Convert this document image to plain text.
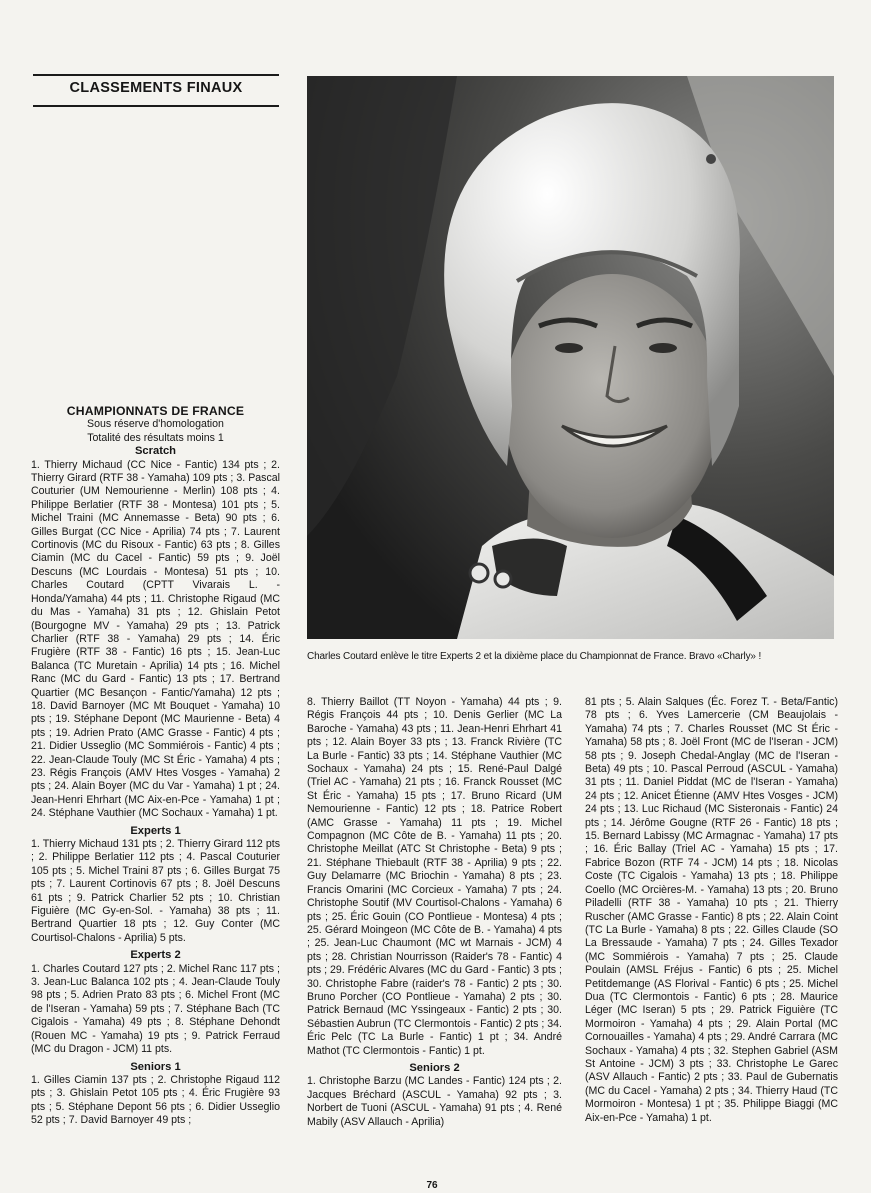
CLASSEMENTS FINAUX
Charles Coutard enlève le titre Experts 2 et la dixième place du Championnat de France. Bravo «Charly» !

CHAMPIONNATS DE FRANCE

Sous réserve d'homologation

Totalité des résultats moins 1

Scratch

1. Thierry Michaud (CC Nice - Fantic) 134 pts ; 2. Thierry Girard (RTF 38 - Yamaha) 109 pts ; 3. Pascal Couturier (UM Nemourienne - Merlin) 108 pts ; 4. Philippe Berlatier (RTF 38 - Montesa) 101 pts ; 5. Michel Traini (MC Annemasse - Beta) 90 pts ; 6. Gilles Burgat (CC Nice - Aprilia) 74 pts ; 7. Laurent Cortinovis (MC du Risoux - Fantic) 63 pts ; 8. Gilles Ciamin (MC du Cacel - Fantic) 59 pts ; 9. Joël Descuns (MC Lourdais - Montesa) 51 pts ; 10. Charles Coutard (CPTT Vivarais L. - Honda/Yamaha) 44 pts ; 11. Christophe Rigaud (MC du Mas - Yamaha) 31 pts ; 12. Ghislain Petot (Bourgogne MV - Yamaha) 29 pts ; 13. Patrick Charlier (RTF 38 - Yamaha) 29 pts ; 14. Éric Frugière (RTF 38 - Fantic) 16 pts ; 15. Jean-Luc Balanca (TC Muretain - Aprilia) 14 pts ; 16. Michel Ranc (MC du Gard - Fantic) 13 pts ; 17. Bertrand Quartier (MC Besançon - Fantic/Yamaha) 12 pts ; 18. David Barnoyer (MC Mt Bouquet - Yamaha) 10 pts ; 19. Stéphane Depont (MC Maurienne - Beta) 4 pts ; 19. Adrien Prato (AMC Grasse - Fantic) 4 pts ; 21. Didier Usseglio (MC Sommiérois - Fantic) 4 pts ; 22. Jean-Claude Touly (MC St Éric - Yamaha) 4 pts ; 23. Régis François (AMV Htes Vosges - Yamaha) 2 pts ; 24. Alain Boyer (MC du Var - Yamaha) 1 pt ; 24. Jean-Henri Ehrhart (MC Aix-en-Pce - Yamaha) 1 pt ; 24. Stéphane Vauthier (MC Sochaux - Yamaha) 1 pt.

Experts 1

1. Thierry Michaud 131 pts ; 2. Thierry Girard 112 pts ; 2. Philippe Berlatier 112 pts ; 4. Pascal Couturier 105 pts ; 5. Michel Traini 87 pts ; 6. Gilles Burgat 75 pts ; 7. Laurent Cortinovis 67 pts ; 8. Joël Descuns 61 pts ; 9. Patrick Charlier 52 pts ; 10. Christian Figuière (MC Gy-en-Sol. - Yamaha) 38 pts ; 11. Bertrand Quartier 18 pts ; 12. Guy Conter (MC Courtisol-Chalons - Aprilia) 5 pts.

Experts 2

1. Charles Coutard 127 pts ; 2. Michel Ranc 117 pts ; 3. Jean-Luc Balanca 102 pts ; 4. Jean-Claude Touly 98 pts ; 5. Adrien Prato 83 pts ; 6. Michel Front (MC de l'Iseran - Yamaha) 59 pts ; 7. Stéphane Bach (TC Cigalois - Yamaha) 49 pts ; 8. Stéphane Dehondt (Rouen MC - Yamaha) 19 pts ; 9. Patrick Ferraud (MC du Dragon - JCM) 11 pts.

Seniors 1

1. Gilles Ciamin 137 pts ; 2. Christophe Rigaud 112 pts ; 3. Ghislain Petot 105 pts ; 4. Éric Frugière 93 pts ; 5. Stéphane Depont 56 pts ; 6. Didier Usseglio 52 pts ; 7. David Barnoyer 49 pts ;

8. Thierry Baillot (TT Noyon - Yamaha) 44 pts ; 9. Régis François 44 pts ; 10. Denis Gerlier (MC La Baroche - Yamaha) 43 pts ; 11. Jean-Henri Ehrhart 41 pts ; 12. Alain Boyer 33 pts ; 13. Franck Rivière (TC La Burle - Fantic) 33 pts ; 14. Stéphane Vauthier (MC Sochaux - Yamaha) 24 pts ; 15. René-Paul Dalgé (Triel AC - Yamaha) 21 pts ; 16. Franck Rousset (MC St Éric - Yamaha) 15 pts ; 17. Bruno Ricard (UM Nemourienne - Fantic) 12 pts ; 18. Patrice Robert (AMC Grasse - Yamaha) 11 pts ; 19. Michel Compagnon (MC Côte de B. - Yamaha) 11 pts ; 20. Christophe Meillat (ATC St Christophe - Beta) 9 pts ; 21. Stéphane Thiebault (RTF 38 - Aprilia) 9 pts ; 22. Guy Delamarre (MC Briochin - Yamaha) 8 pts ; 23. Francis Omarini (MC Corcieux - Yamaha) 7 pts ; 24. Christophe Soutif (MV Courtisol-Chalons - Yamaha) 6 pts ; 25. Éric Gouin (CO Pontlieue - Montesa) 4 pts ; 25. Gérard Moingeon (MC Côte de B. - Yamaha) 4 pts ; 25. Jean-Luc Chaumont (MC wt Marnais - JCM) 4 pts ; 28. Christian Nourrisson (Raider's 78 - Fantic) 4 pts ; 29. Frédéric Alvares (MC du Gard - Fantic) 3 pts ; 30. Christophe Fabre (raider's 78 - Fantic) 2 pts ; 30. Bruno Porcher (CO Pontlieue - Yamaha) 2 pts ; 30. Patrick Bernaud (MC Yssingeaux - Fantic) 2 pts ; 30. Sébastien Aubrun (TC Clermontois - Fantic) 2 pts ; 34. Éric Pelc (TC La Burle - Fantic) 1 pt ; 34. André Mathot (TC Clermontois - Fantic) 1 pt.

Seniors 2

1. Christophe Barzu (MC Landes - Fantic) 124 pts ; 2. Jacques Bréchard (ASCUL - Yamaha) 92 pts ; 3. Norbert de Tuoni (ASCUL - Yamaha) 91 pts ; 4. René Mabily (ASV Allauch - Aprilia)

81 pts ; 5. Alain Salques (Éc. Forez T. - Beta/Fantic) 78 pts ; 6. Yves Lamercerie (CM Beaujolais - Yamaha) 74 pts ; 7. Charles Rousset (MC St Éric - Yamaha) 58 pts ; 8. Joël Front (MC de l'Iseran - JCM) 58 pts ; 9. Joseph Chedal-Anglay (MC de l'Iseran - Beta) 49 pts ; 10. Pascal Perroud (ASCUL - Yamaha) 31 pts ; 11. Daniel Piddat (MC de l'Iseran - Yamaha) 24 pts ; 12. Anicet Étienne (AMV Htes Vosges - JCM) 24 pts ; 13. Luc Richaud (MC Sisteronais - Fantic) 24 pts ; 14. Jérôme Gougne (RTF 26 - Fantic) 18 pts ; 15. Bernard Labissy (MC Armagnac - Yamaha) 17 pts ; 16. Éric Ballay (Triel AC - Yamaha) 15 pts ; 17. Fabrice Bozon (RTF 74 - JCM) 14 pts ; 18. Nicolas Coste (TC Cigalois - Yamaha) 13 pts ; 18. Philippe Coello (MC Orcières-M. - Yamaha) 13 pts ; 20. Bruno Piladelli (RTF 38 - Yamaha) 10 pts ; 21. Thierry Ruscher (AMC Grasse - Fantic) 8 pts ; 22. Alain Coint (TC La Burle - Yamaha) 8 pts ; 22. Gilles Claude (SO La Bressaude - Yamaha) 7 pts ; 24. Gilles Texador (MC Sommiérois - Yamaha) 7 pts ; 25. Claude Poulain (AMSL Fréjus - Fantic) 6 pts ; 25. Michel Petitdemange (AS Florival - Fantic) 6 pts ; 25. Michel Dua (TC Clermontois - Fantic) 6 pts ; 28. Maurice Léger (MC Iseran) 5 pts ; 29. Patrick Figuière (TC Mormoiron - Yamaha) 4 pts ; 29. Alain Portal (MC Cornouailles - Yamaha) 4 pts ; 29. André Carrara (MC Sochaux - Yamaha) 4 pts ; 32. Stephen Gabriel (ASM St Antoine - JCM) 3 pts ; 33. Christophe Le Garec (ASV Allauch - Fantic) 2 pts ; 33. Paul de Gubernatis (MC du Cacel - Yamaha) 2 pts ; 34. Thierry Haud (TC Mormoiron - Montesa) 1 pt ; 35. Philippe Biaggi (MC Aix-en-Pce - Yamaha) 1 pt.

76
